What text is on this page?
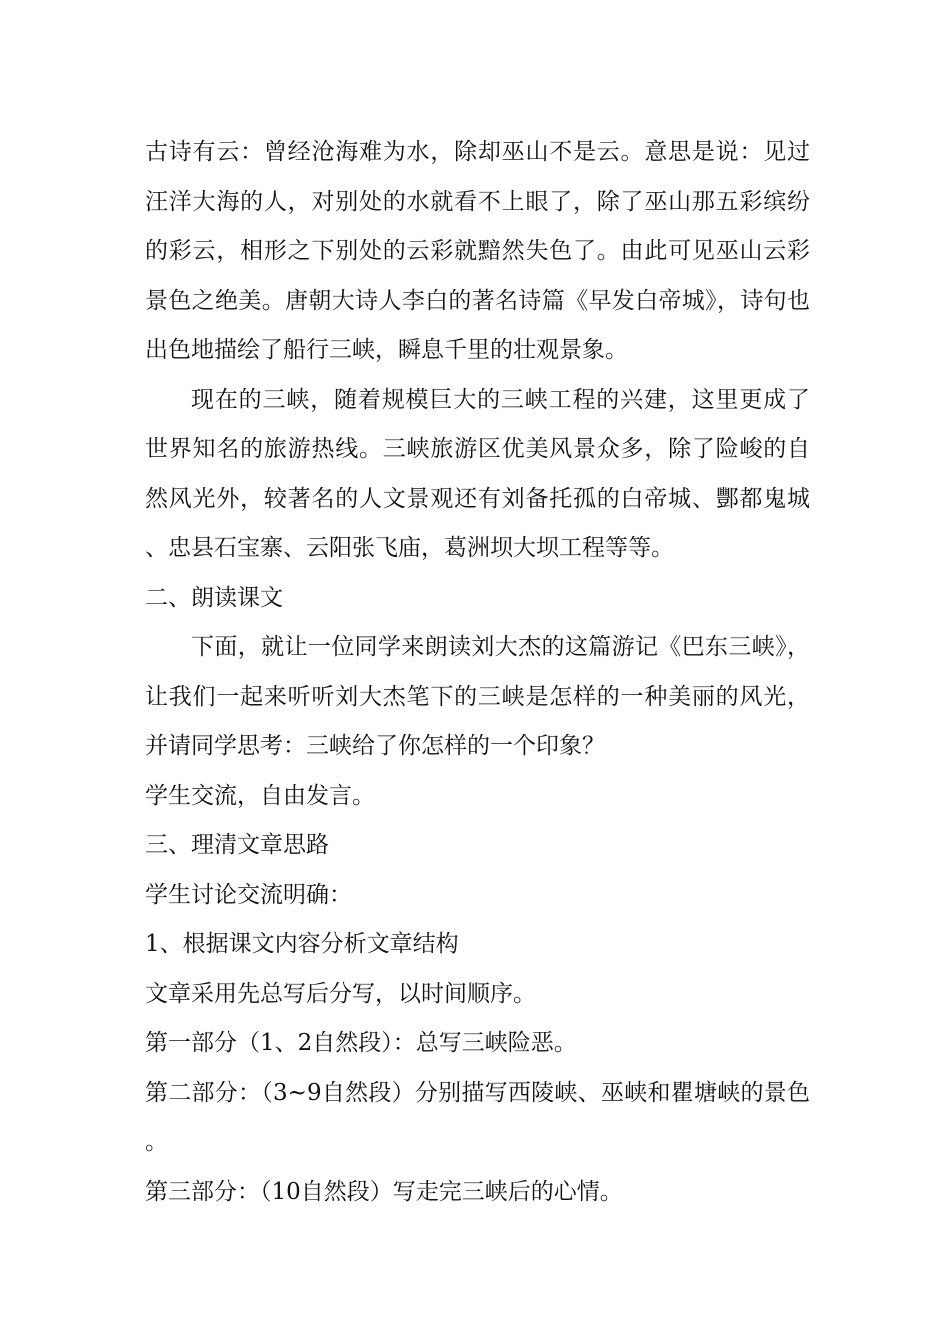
古诗有云：曾经沧海难为水，除却巫山不是云。意思是说：见过汪洋大海的人，对别处的水就看不上眼了，除了巫山那五彩缤纷的彩云，相形之下别处的云彩就黯然失色了。由此可见巫山云彩景色之绝美。唐朝大诗人李白的著名诗篇《早发白帝城》，诗句也出色地描绘了船行三峡，瞬息千里的壮观景象。

现在的三峡，随着规模巨大的三峡工程的兴建，这里更成了世界知名的旅游热线。三峡旅游区优美风景众多，除了险峻的自然风光外，较著名的人文景观还有刘备托孤的白帝城、酆都鬼城、忠县石宝寨、云阳张飞庙，葛洲坝大坝工程等等。

二、朗读课文

下面，就让一位同学来朗读刘大杰的这篇游记《巴东三峡》，让我们一起来听听刘大杰笔下的三峡是怎样的一种美丽的风光，并请同学思考：三峡给了你怎样的一个印象？

学生交流，自由发言。

三、理清文章思路

学生讨论交流明确：

1、根据课文内容分析文章结构

文章采用先总写后分写，以时间顺序。

第一部分（1、2自然段）：总写三峡险恶。

第二部分：（3~9自然段）分别描写西陵峡、巫峡和瞿塘峡的景色。

第三部分：（10自然段）写走完三峡后的心情。
